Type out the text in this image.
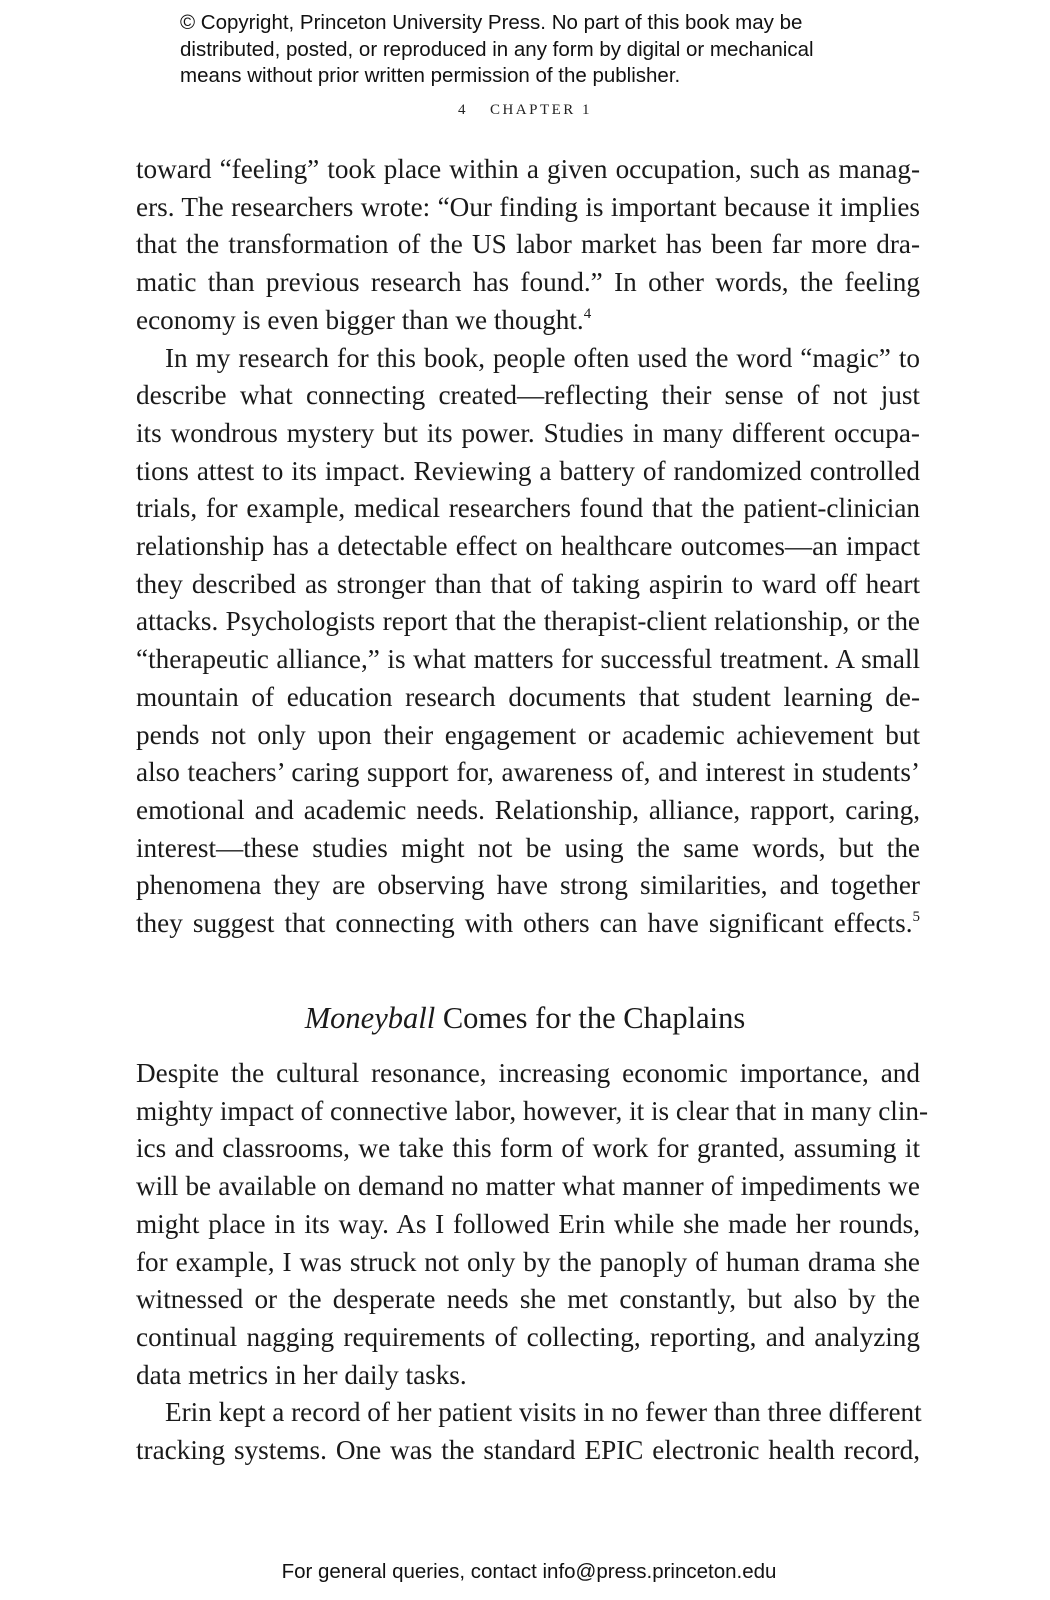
© Copyright, Princeton University Press. No part of this book may be
distributed, posted, or reproduced in any form by digital or mechanical
means without prior written permission of the publisher.
4 CHAPTER 1
toward “feeling” took place within a given occupation, such as manag-
ers. The researchers wrote: “Our finding is important because it implies
that the transformation of the US labor market has been far more dra-
matic than previous research has found.” In other words, the feeling
economy is even bigger than we thought.$^4$
In my research for this book, people often used the word “magic” to
describe what connecting created—reflecting their sense of not just
its wondrous mystery but its power. Studies in many different occupa-
tions attest to its impact. Reviewing a battery of randomized controlled
trials, for example, medical researchers found that the patient-clinician
relationship has a detectable effect on healthcare outcomes—an impact
they described as stronger than that of taking aspirin to ward off heart
attacks. Psychologists report that the therapist-client relationship, or the
“therapeutic alliance,” is what matters for successful treatment. A small
mountain of education research documents that student learning de-
pends not only upon their engagement or academic achievement but
also teachers’ caring support for, awareness of, and interest in students’
emotional and academic needs. Relationship, alliance, rapport, caring,
interest—these studies might not be using the same words, but the
phenomena they are observing have strong similarities, and together
they suggest that connecting with others can have significant effects.$^5$
Moneyball Comes for the Chaplains
Despite the cultural resonance, increasing economic importance, and
mighty impact of connective labor, however, it is clear that in many clin-
ics and classrooms, we take this form of work for granted, assuming it
will be available on demand no matter what manner of impediments we
might place in its way. As I followed Erin while she made her rounds,
for example, I was struck not only by the panoply of human drama she
witnessed or the desperate needs she met constantly, but also by the
continual nagging requirements of collecting, reporting, and analyzing
data metrics in her daily tasks.
Erin kept a record of her patient visits in no fewer than three different
tracking systems. One was the standard EPIC electronic health record,
For general queries, contact info@press.princeton.edu
